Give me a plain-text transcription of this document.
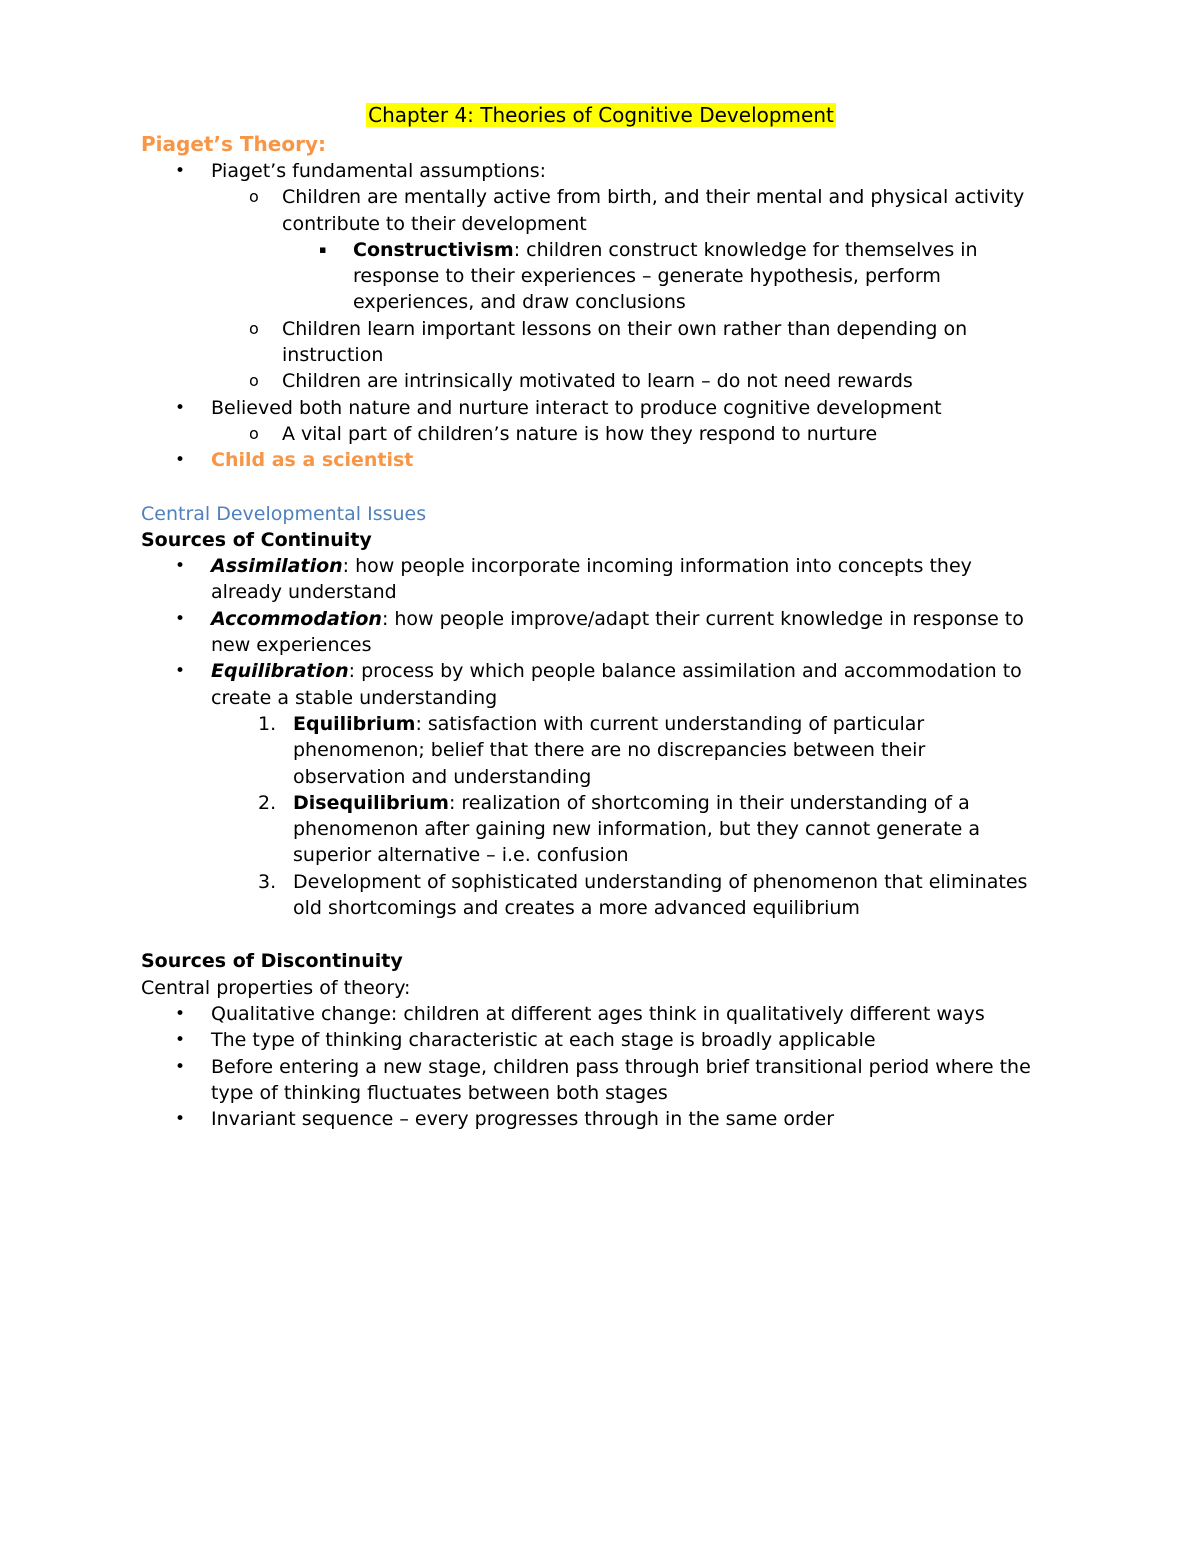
Chapter 4: Theories of Cognitive Development
Piaget’s Theory:
• Piaget’s fundamental assumptions:
o Children are mentally active from birth, and their mental and physical activity
contribute to their development
▪ Constructivism: children construct knowledge for themselves in
response to their experiences – generate hypothesis, perform
experiences, and draw conclusions
o Children learn important lessons on their own rather than depending on
instruction
o Children are intrinsically motivated to learn – do not need rewards
• Believed both nature and nurture interact to produce cognitive development
o A vital part of children’s nature is how they respond to nurture
• Child as a scientist
Central Developmental Issues
Sources of Continuity
• Assimilation: how people incorporate incoming information into concepts they
already understand
• Accommodation: how people improve/adapt their current knowledge in response to
new experiences
• Equilibration: process by which people balance assimilation and accommodation to
create a stable understanding
1. Equilibrium: satisfaction with current understanding of particular
phenomenon; belief that there are no discrepancies between their
observation and understanding
2. Disequilibrium: realization of shortcoming in their understanding of a
phenomenon after gaining new information, but they cannot generate a
superior alternative – i.e. confusion
3. Development of sophisticated understanding of phenomenon that eliminates
old shortcomings and creates a more advanced equilibrium
Sources of Discontinuity
Central properties of theory:
• Qualitative change: children at different ages think in qualitatively different ways
• The type of thinking characteristic at each stage is broadly applicable
• Before entering a new stage, children pass through brief transitional period where the
type of thinking fluctuates between both stages
• Invariant sequence – every progresses through in the same order
